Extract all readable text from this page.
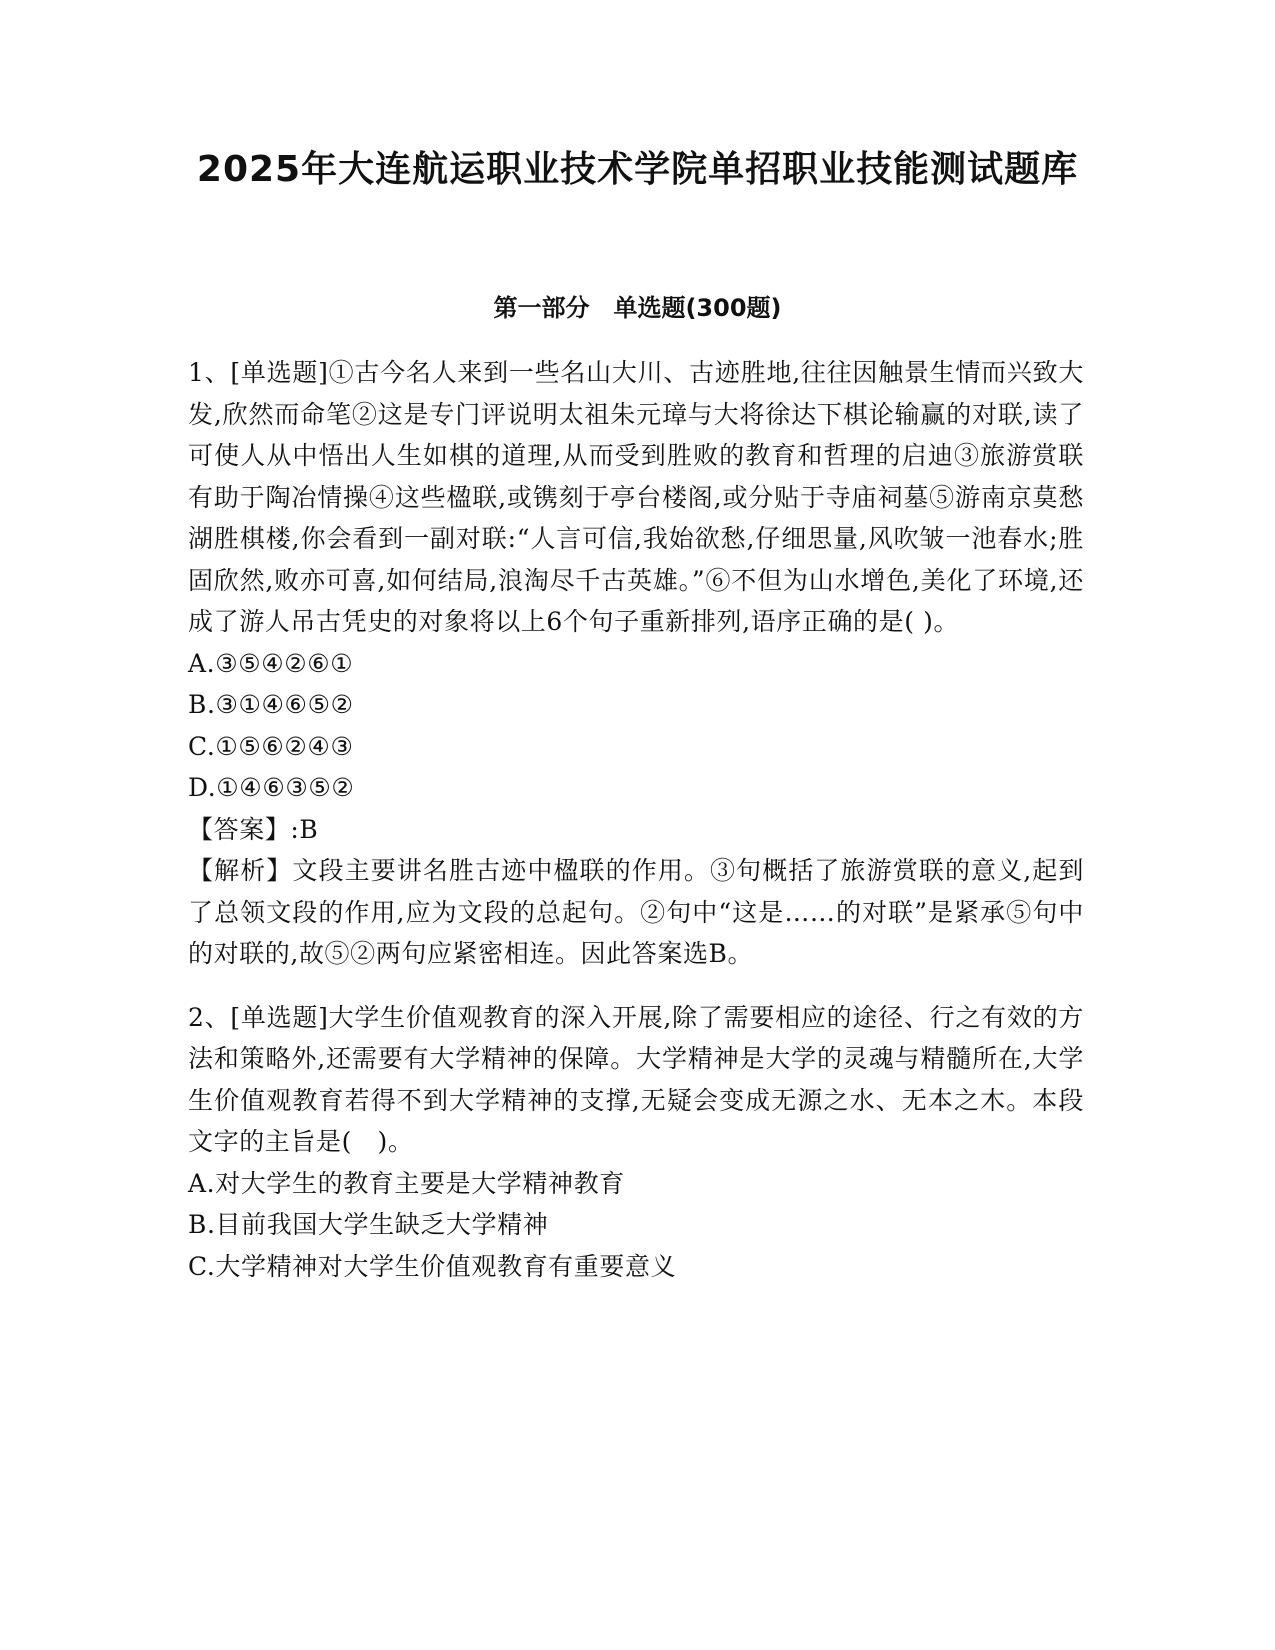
2025年大连航运职业技术学院单招职业技能测试题库
第一部分　单选题(300题)

1、[单选题]①古今名人来到一些名山大川、古迹胜地,往往因触景生情而兴致大发,欣然而命笔②这是专门评说明太祖朱元璋与大将徐达下棋论输赢的对联,读了可使人从中悟出人生如棋的道理,从而受到胜败的教育和哲理的启迪③旅游赏联有助于陶冶情操④这些楹联,或镌刻于亭台楼阁,或分贴于寺庙祠墓⑤游南京莫愁湖胜棋楼,你会看到一副对联:“人言可信,我始欲愁,仔细思量,风吹皱一池春水;胜固欣然,败亦可喜,如何结局,浪淘尽千古英雄。”⑥不但为山水增色,美化了环境,还成了游人吊古凭史的对象将以上6个句子重新排列,语序正确的是( )。

A.③⑤④②⑥①

B.③①④⑥⑤②

C.①⑤⑥②④③

D.①④⑥③⑤②

【答案】:B

【解析】文段主要讲名胜古迹中楹联的作用。③句概括了旅游赏联的意义,起到了总领文段的作用,应为文段的总起句。②句中“这是……的对联”是紧承⑤句中的对联的,故⑤②两句应紧密相连。因此答案选B。

2、[单选题]大学生价值观教育的深入开展,除了需要相应的途径、行之有效的方法和策略外,还需要有大学精神的保障。大学精神是大学的灵魂与精髓所在,大学生价值观教育若得不到大学精神的支撑,无疑会变成无源之水、无本之木。本段文字的主旨是(　)。

A.对大学生的教育主要是大学精神教育

B.目前我国大学生缺乏大学精神

C.大学精神对大学生价值观教育有重要意义
